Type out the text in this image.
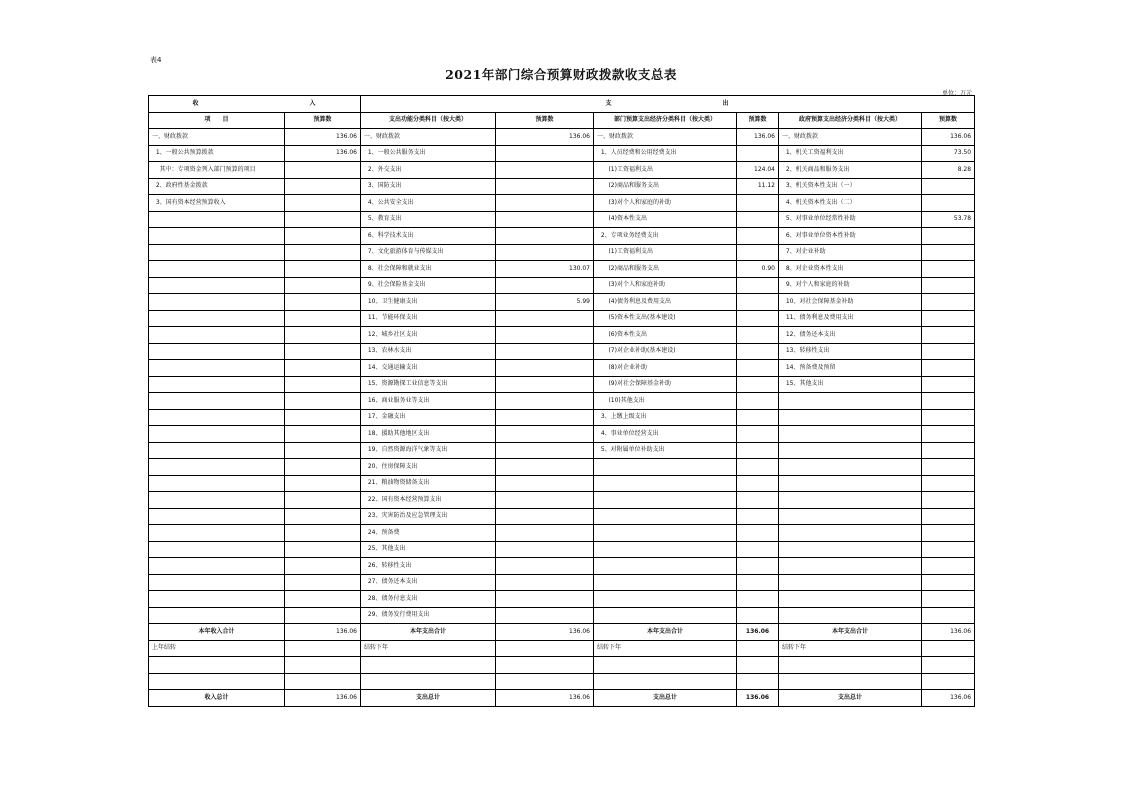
表4
2021年部门综合预算财政拨款收支总表
单位：万元
收 入		支 出					
项　　目	预算数	支出功能分类科目（按大类）	预算数	部门预算支出经济分类科目（按大类）	预算数	政府预算支出经济分类科目（按大类）	预算数
一、财政拨款	136.06	一、财政拨款	136.06	一、财政拨款	136.06	一、财政拨款	136.06
1、一般公共预算拨款	136.06	1、一般公共服务支出		1、人员经费和公用经费支出		1、机关工资福利支出	73.50
其中：专项资金列入部门预算的项目		2、外交支出		(1)工资福利支出	124.04	2、机关商品和服务支出	8.28
2、政府性基金拨款		3、国防支出		(2)商品和服务支出	11.12	3、机关资本性支出（一）	
3、国有资本经营预算收入		4、公共安全支出		(3)对个人和家庭的补助		4、机关资本性支出（二）	
		5、教育支出		(4)资本性支出		5、对事业单位经常性补助	53.78
		6、科学技术支出		2、专项业务经费支出		6、对事业单位资本性补助	
		7、文化旅游体育与传媒支出		(1)工资福利支出		7、对企业补助	
		8、社会保障和就业支出	130.07	(2)商品和服务支出	0.90	8、对企业资本性支出	
		9、社会保险基金支出		(3)对个人和家庭补助		9、对个人和家庭的补助	
		10、卫生健康支出	5.99	(4)债务利息及费用支出		10、对社会保障基金补助	
		11、节能环保支出		(5)资本性支出(基本建设)		11、债务利息及费用支出	
		12、城乡社区支出		(6)资本性支出		12、债务还本支出	
		13、农林水支出		(7)对企业补助(基本建设)		13、转移性支出	
		14、交通运输支出		(8)对企业补助		14、预备费及预留	
		15、资源勘探工业信息等支出		(9)对社会保障基金补助		15、其他支出	
		16、商业服务业等支出		(10)其他支出			
		17、金融支出		3、上缴上级支出			
		18、援助其他地区支出		4、事业单位经营支出			
		19、自然资源海洋气象等支出		5、对附属单位补助支出			
		20、住房保障支出					
		21、粮油物资储备支出					
		22、国有资本经营预算支出					
		23、灾害防治及应急管理支出					
		24、预备费					
		25、其他支出					
		26、转移性支出					
		27、债务还本支出					
		28、债务付息支出					
		29、债务发行费用支出					
本年收入合计	136.06	本年支出合计	136.06	本年支出合计	136.06	本年支出合计	136.06
上年结转		结转下年		结转下年		结转下年	

收入总计	136.06	支出总计	136.06	支出总计	136.06	支出总计	136.06
